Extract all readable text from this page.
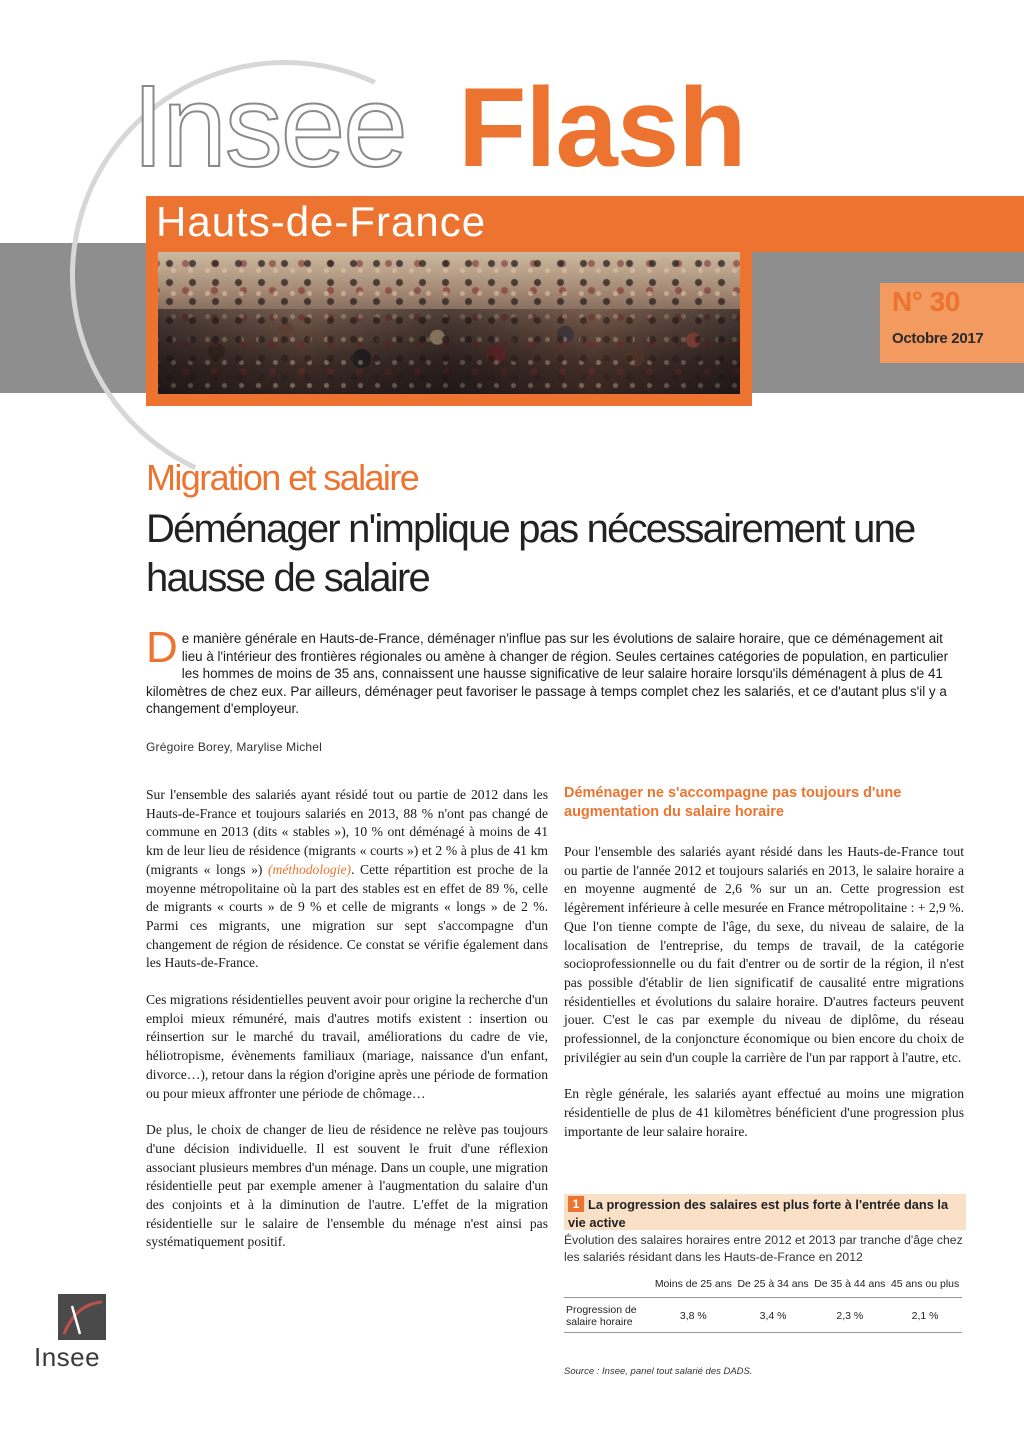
Insee Flash
Hauts-de-France
N° 30
Octobre 2017
Migration et salaire
Déménager n'implique pas nécessairement une hausse de salaire
De manière générale en Hauts-de-France, déménager n'influe pas sur les évolutions de salaire horaire, que ce déménagement ait lieu à l'intérieur des frontières régionales ou amène à changer de région. Seules certaines catégories de population, en particulier les hommes de moins de 35 ans, connaissent une hausse significative de leur salaire horaire lorsqu'ils déménagent à plus de 41 kilomètres de chez eux. Par ailleurs, déménager peut favoriser le passage à temps complet chez les salariés, et ce d'autant plus s'il y a changement d'employeur.
Grégoire Borey, Marylise Michel

Sur l'ensemble des salariés ayant résidé tout ou partie de 2012 dans les Hauts-de-France et toujours salariés en 2013, 88 % n'ont pas changé de commune en 2013 (dits « stables »), 10 % ont déménagé à moins de 41 km de leur lieu de résidence (migrants « courts ») et 2 % à plus de 41 km (migrants « longs ») (méthodologie). Cette répartition est proche de la moyenne métropolitaine où la part des stables est en effet de 89 %, celle de migrants « courts » de 9 % et celle de migrants « longs » de 2 %. Parmi ces migrants, une migration sur sept s'accompagne d'un changement de région de résidence. Ce constat se vérifie également dans les Hauts-de-France.

Ces migrations résidentielles peuvent avoir pour origine la recherche d'un emploi mieux rémunéré, mais d'autres motifs existent : insertion ou réinsertion sur le marché du travail, améliorations du cadre de vie, héliotropisme, évènements familiaux (mariage, naissance d'un enfant, divorce…), retour dans la région d'origine après une période de formation ou pour mieux affronter une période de chômage…

De plus, le choix de changer de lieu de résidence ne relève pas toujours d'une décision individuelle. Il est souvent le fruit d'une réflexion associant plusieurs membres d'un ménage. Dans un couple, une migration résidentielle peut par exemple amener à l'augmentation du salaire d'un des conjoints et à la diminution de l'autre. L'effet de la migration résidentielle sur le salaire de l'ensemble du ménage n'est ainsi pas systématiquement positif.

Déménager ne s'accompagne pas toujours d'une augmentation du salaire horaire

Pour l'ensemble des salariés ayant résidé dans les Hauts-de-France tout ou partie de l'année 2012 et toujours salariés en 2013, le salaire horaire a en moyenne augmenté de 2,6 % sur un an. Cette progression est légèrement inférieure à celle mesurée en France métropolitaine : + 2,9 %. Que l'on tienne compte de l'âge, du sexe, du niveau de salaire, de la localisation de l'entreprise, du temps de travail, de la catégorie socioprofessionnelle ou du fait d'entrer ou de sortir de la région, il n'est pas possible d'établir de lien significatif de causalité entre migrations résidentielles et évolutions du salaire horaire. D'autres facteurs peuvent jouer. C'est le cas par exemple du niveau de diplôme, du réseau professionnel, de la conjoncture économique ou bien encore du choix de privilégier au sein d'un couple la carrière de l'un par rapport à l'autre, etc.

En règle générale, les salariés ayant effectué au moins une migration résidentielle de plus de 41 kilomètres bénéficient d'une progression plus importante de leur salaire horaire.

1 La progression des salaires est plus forte à l'entrée dans la vie active
Évolution des salaires horaires entre 2012 et 2013 par tranche d'âge chez les salariés résidant dans les Hauts-de-France en 2012
	Moins de 25 ans	De 25 à 34 ans	De 35 à 44 ans	45 ans ou plus
Progression de salaire horaire	3,8 %	3,4 %	2,3 %	2,1 %
Source : Insee, panel tout salarié des DADS.
Insee
